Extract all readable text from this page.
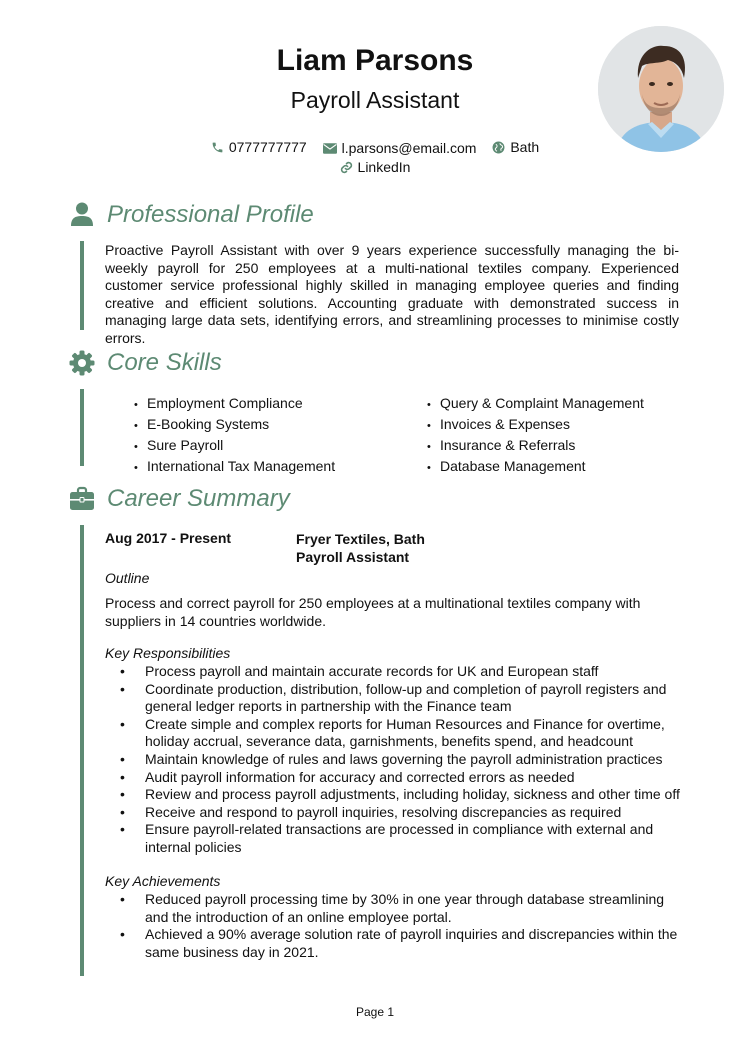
Liam Parsons
Payroll Assistant
0777777777
l.parsons@email.com
Bath
LinkedIn
Professional Profile
Proactive Payroll Assistant with over 9 years experience successfully managing the bi-weekly payroll for 250 employees at a multi-national textiles company. Experienced customer service professional highly skilled in managing employee queries and finding creative and efficient solutions. Accounting graduate with demonstrated success in managing large data sets, identifying errors, and streamlining processes to minimise costly errors.
Core Skills
• Employment Compliance
• E-Booking Systems
• Sure Payroll
• International Tax Management
• Query & Complaint Management
• Invoices & Expenses
• Insurance & Referrals
• Database Management
Career Summary
Aug 2017 - Present	Fryer Textiles, Bath
Payroll Assistant
Outline
Process and correct payroll for 250 employees at a multinational textiles company with suppliers in 14 countries worldwide.
Key Responsibilities
• Process payroll and maintain accurate records for UK and European staff
• Coordinate production, distribution, follow-up and completion of payroll registers and general ledger reports in partnership with the Finance team
• Create simple and complex reports for Human Resources and Finance for overtime, holiday accrual, severance data, garnishments, benefits spend, and headcount
• Maintain knowledge of rules and laws governing the payroll administration practices
• Audit payroll information for accuracy and corrected errors as needed
• Review and process payroll adjustments, including holiday, sickness and other time off
• Receive and respond to payroll inquiries, resolving discrepancies as required
• Ensure payroll-related transactions are processed in compliance with external and internal policies
Key Achievements
• Reduced payroll processing time by 30% in one year through database streamlining and the introduction of an online employee portal.
• Achieved a 90% average solution rate of payroll inquiries and discrepancies within the same business day in 2021.
Page 1
